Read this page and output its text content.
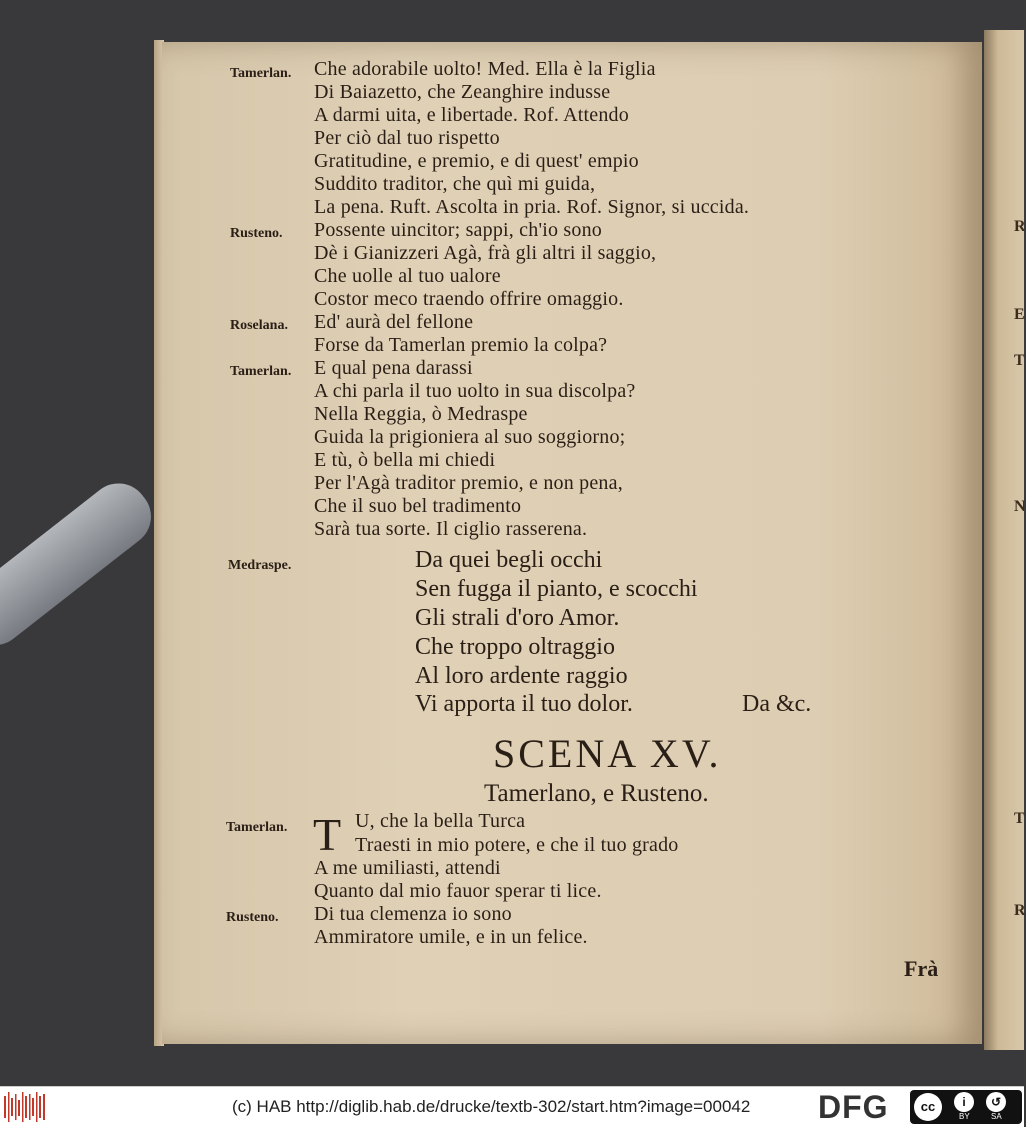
R
E
T
N
T
R
Tamerlan. Che adorabile uolto! Med. Ella è la Figlia
Di Baiazetto, che Zeanghire indusse
A darmi uita, e libertade. Rof. Attendo
Per ciò dal tuo rispetto
Gratitudine, e premio, e di quest' empio
Suddito traditor, che quì mi guida,
La pena. Ruft. Ascolta in pria. Rof. Signor, si uccida.
Rusteno. Possente uincitor; sappi, ch'io sono
Dè i Gianizzeri Agà, frà gli altri il saggio,
Che uolle al tuo ualore
Costor meco traendo offrire omaggio.
Roselana. Ed' aurà del fellone
Forse da Tamerlan premio la colpa?
Tamerlan. E qual pena darassi
A chi parla il tuo uolto in sua discolpa?
Nella Reggia, ò Medraspe
Guida la prigioniera al suo soggiorno;
E tù, ò bella mi chiedi
Per l'Agà traditor premio, e non pena,
Che il suo bel tradimento
Sarà tua sorte. Il ciglio rasserena.
Medraspe.	Da quei begli occhi
Sen fugga il pianto, e scocchi
Gli strali d'oro Amor.
Che troppo oltraggio
Al loro ardente raggio
Vi apporta il tuo dolor.	Da &c.
SCENA XV.
Tamerlano, e Rusteno.
Tamerlan. T U, che la bella Turca
Traesti in mio potere, e che il tuo grado
A me umiliasti, attendi
Quanto dal mio fauor sperar ti lice.
Rusteno. Di tua clemenza io sono
Ammiratore umile, e in un felice.
Frà
(c) HAB http://diglib.hab.de/drucke/textb-302/start.htm?image=00042 DFG	cc	i	↺
BY	SA
